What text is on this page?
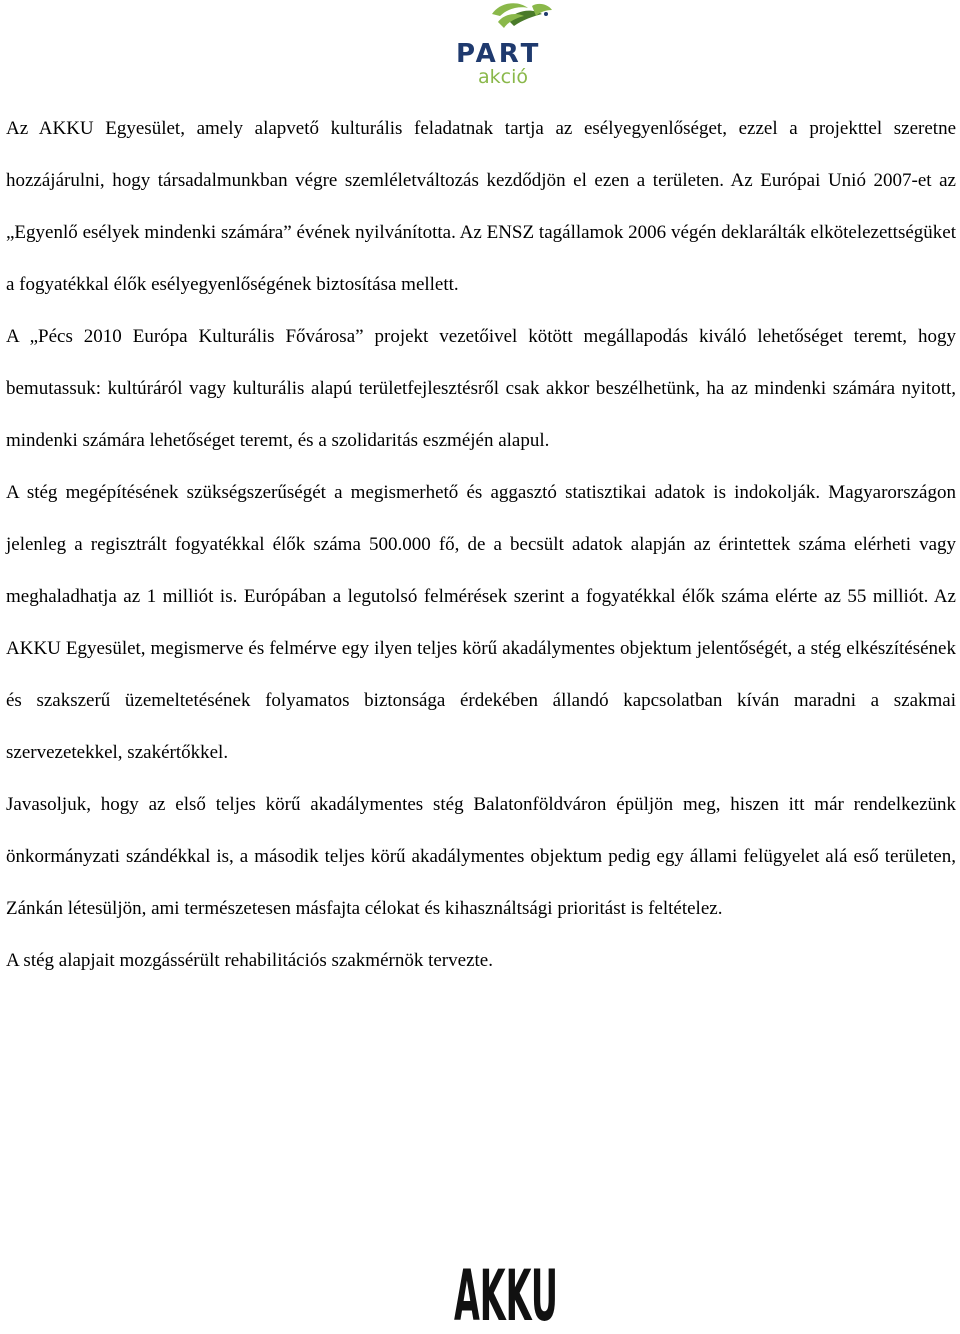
PART
akció

Az AKKU Egyesület, amely alapvető kulturális feladatnak tartja az esélyegyenlőséget, ezzel a projekttel szeretne hozzájárulni, hogy társadalmunkban végre szemléletváltozás kezdődjön el ezen a területen. Az Európai Unió 2007-et az „Egyenlő esélyek mindenki számára” évének nyilvánította. Az ENSZ tagállamok 2006 végén deklarálták elkötelezettségüket a fogyatékkal élők esélyegyenlőségének biztosítása mellett.

A „Pécs 2010 Európa Kulturális Fővárosa” projekt vezetőivel kötött megállapodás kiváló lehetőséget teremt, hogy bemutassuk: kultúráról vagy kulturális alapú területfejlesztésről csak akkor beszélhetünk, ha az mindenki számára nyitott, mindenki számára lehetőséget teremt, és a szolidaritás eszméjén alapul.

A stég megépítésének szükségszerűségét a megismerhető és aggasztó statisztikai adatok is indokolják. Magyarországon jelenleg a regisztrált fogyatékkal élők száma 500.000 fő, de a becsült adatok alapján az érintettek száma elérheti vagy meghaladhatja az 1 milliót is. Európában a legutolsó felmérések szerint a fogyatékkal élők száma elérte az 55 milliót. Az AKKU Egyesület, megismerve és felmérve egy ilyen teljes körű akadálymentes objektum jelentőségét, a stég elkészítésének és szakszerű üzemeltetésének folyamatos biztonsága érdekében állandó kapcsolatban kíván maradni a szakmai szervezetekkel, szakértőkkel.

Javasoljuk, hogy az első teljes körű akadálymentes stég Balatonföldváron épüljön meg, hiszen itt már rendelkezünk önkormányzati szándékkal is, a második teljes körű akadálymentes objektum pedig egy állami felügyelet alá eső területen, Zánkán létesüljön, ami természetesen másfajta célokat és kihasználtsági prioritást is feltételez.

A stég alapjait mozgássérült rehabilitációs szakmérnök tervezte.

AKKU
